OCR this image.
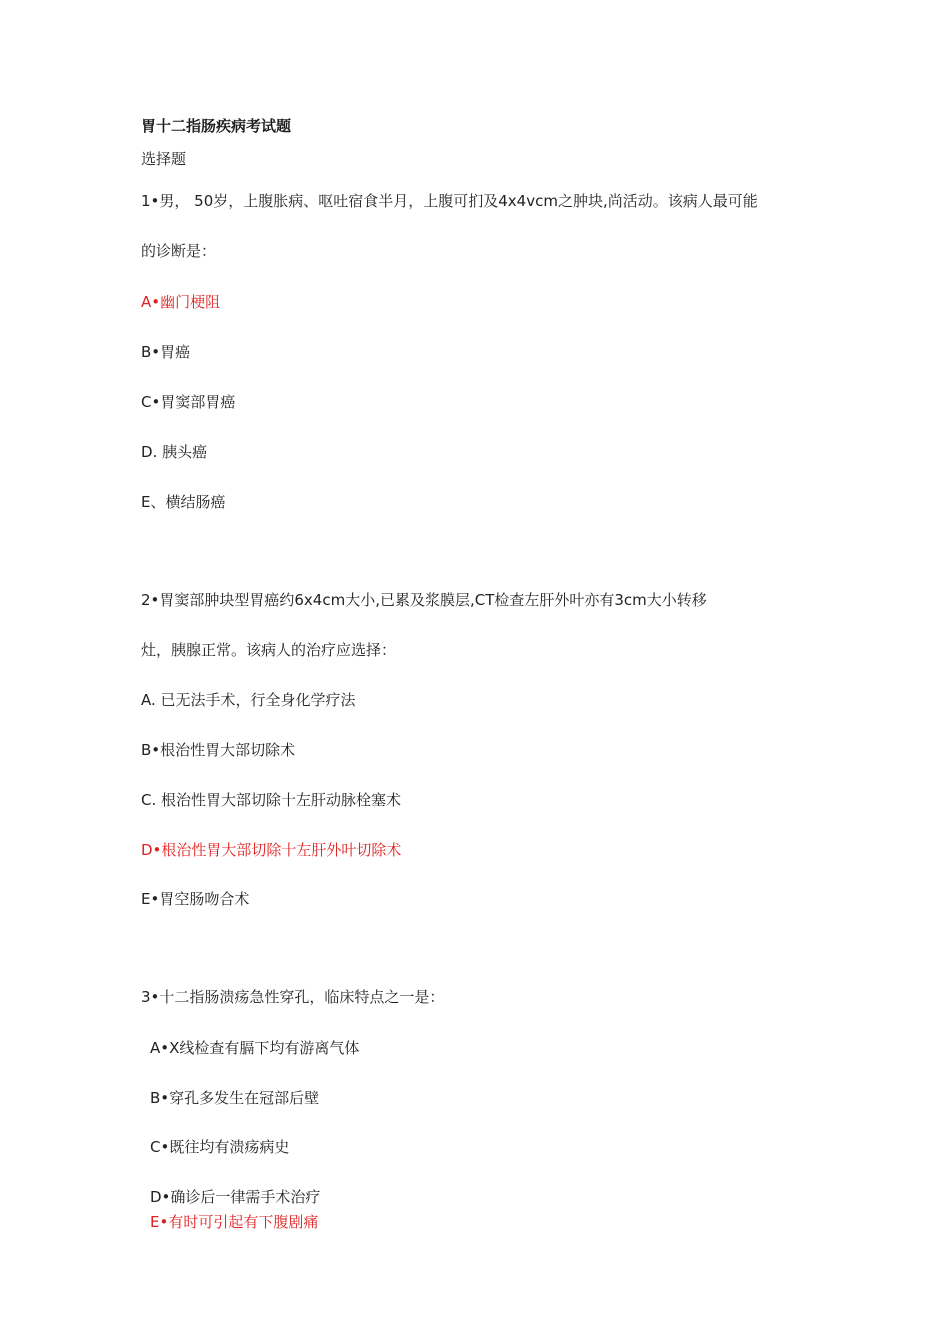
胃十二指肠疾病考试题
选择题
1•男， 50岁，上腹胀病、呕吐宿食半月，上腹可扪及4x4vcm之肿块,尚活动。该病人最可能
的诊断是：
A•幽门梗阻
B•胃癌
C•胃窦部胃癌
D. 胰头癌
E、横结肠癌
2•胃窦部肿块型胃癌约6x4cm大小,已累及浆膜层,CT检查左肝外叶亦有3cm大小转移
灶，胰腺正常。该病人的治疗应选择：
A. 已无法手术，行全身化学疗法
B•根治性胃大部切除术
C. 根治性胃大部切除十左肝动脉栓塞术
D•根治性胃大部切除十左肝外叶切除术
E•胃空肠吻合术
3•十二指肠溃疡急性穿孔，临床特点之一是：
A•X线检查有膈下均有游离气体
B•穿孔多发生在冠部后壁
C•既往均有溃疡病史
D•确诊后一律需手术治疗
E•有时可引起有下腹剧痛
